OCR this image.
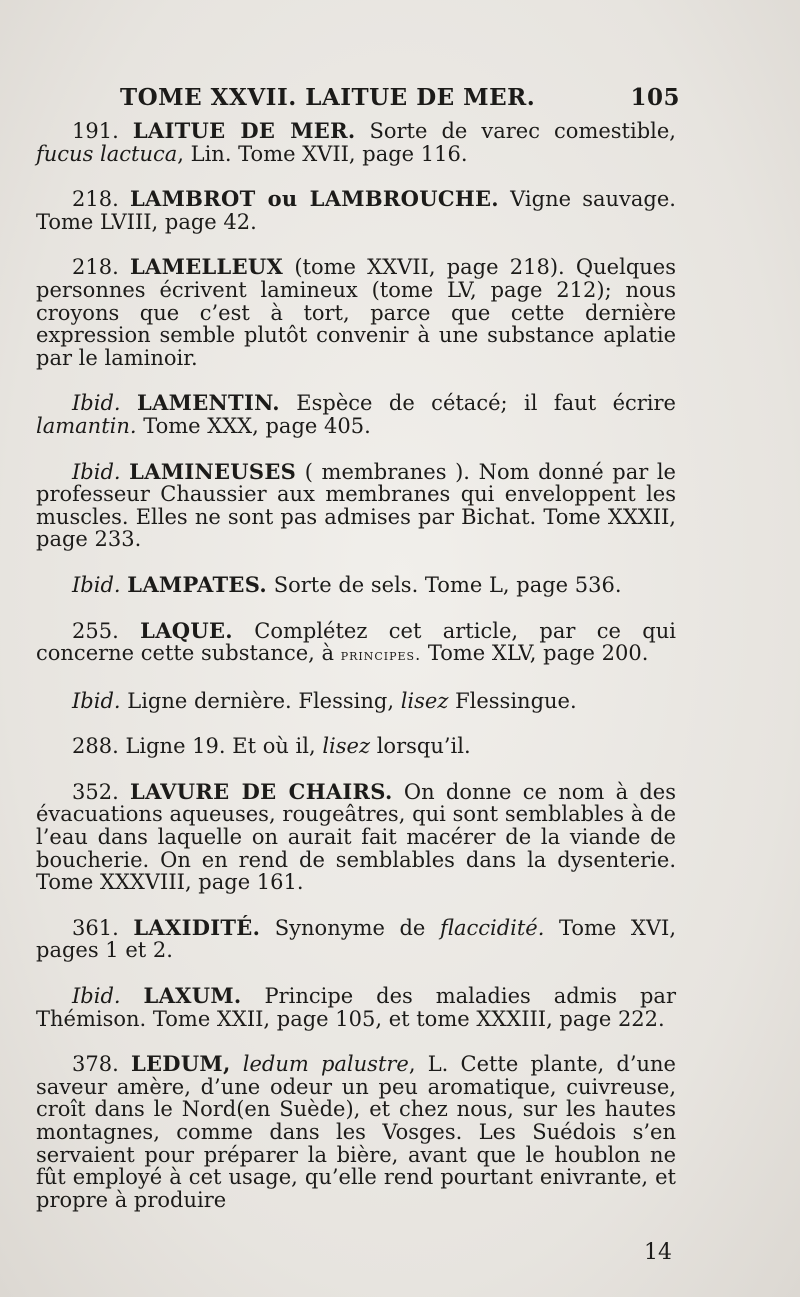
TOME XXVII. LAITUE DE MER.	105

191. LAITUE DE MER. Sorte de varec comestible, fucus lactuca, Lin. Tome XVII, page 116.

218. LAMBROT ou LAMBROUCHE. Vigne sauvage. Tome LVIII, page 42.

218. LAMELLEUX (tome XXVII, page 218). Quelques personnes écrivent lamineux (tome LV, page 212); nous croyons que c’est à tort, parce que cette dernière expression semble plutôt convenir à une substance aplatie par le laminoir.

Ibid. LAMENTIN. Espèce de cétacé; il faut écrire lamantin. Tome XXX, page 405.

Ibid. LAMINEUSES ( membranes ). Nom donné par le professeur Chaussier aux membranes qui enveloppent les muscles. Elles ne sont pas admises par Bichat. Tome XXXII, page 233.

Ibid. LAMPATES. Sorte de sels. Tome L, page 536.

255. LAQUE. Complétez cet article, par ce qui concerne cette substance, à principes. Tome XLV, page 200.

Ibid. Ligne dernière. Flessing, lisez Flessingue.

288. Ligne 19. Et où il, lisez lorsqu’il.

352. LAVURE DE CHAIRS. On donne ce nom à des évacuations aqueuses, rougeâtres, qui sont semblables à de l’eau dans laquelle on aurait fait macérer de la viande de boucherie. On en rend de semblables dans la dysenterie. Tome XXXVIII, page 161.

361. LAXIDITÉ. Synonyme de flaccidité. Tome XVI, pages 1 et 2.

Ibid. LAXUM. Principe des maladies admis par Thémison. Tome XXII, page 105, et tome XXXIII, page 222.

378. LEDUM, ledum palustre, L. Cette plante, d’une saveur amère, d’une odeur un peu aromatique, cuivreuse, croît dans le Nord(en Suède), et chez nous, sur les hautes montagnes, comme dans les Vosges. Les Suédois s’en servaient pour préparer la bière, avant que le houblon ne fût employé à cet usage, qu’elle rend pourtant enivrante, et propre à produire

14
